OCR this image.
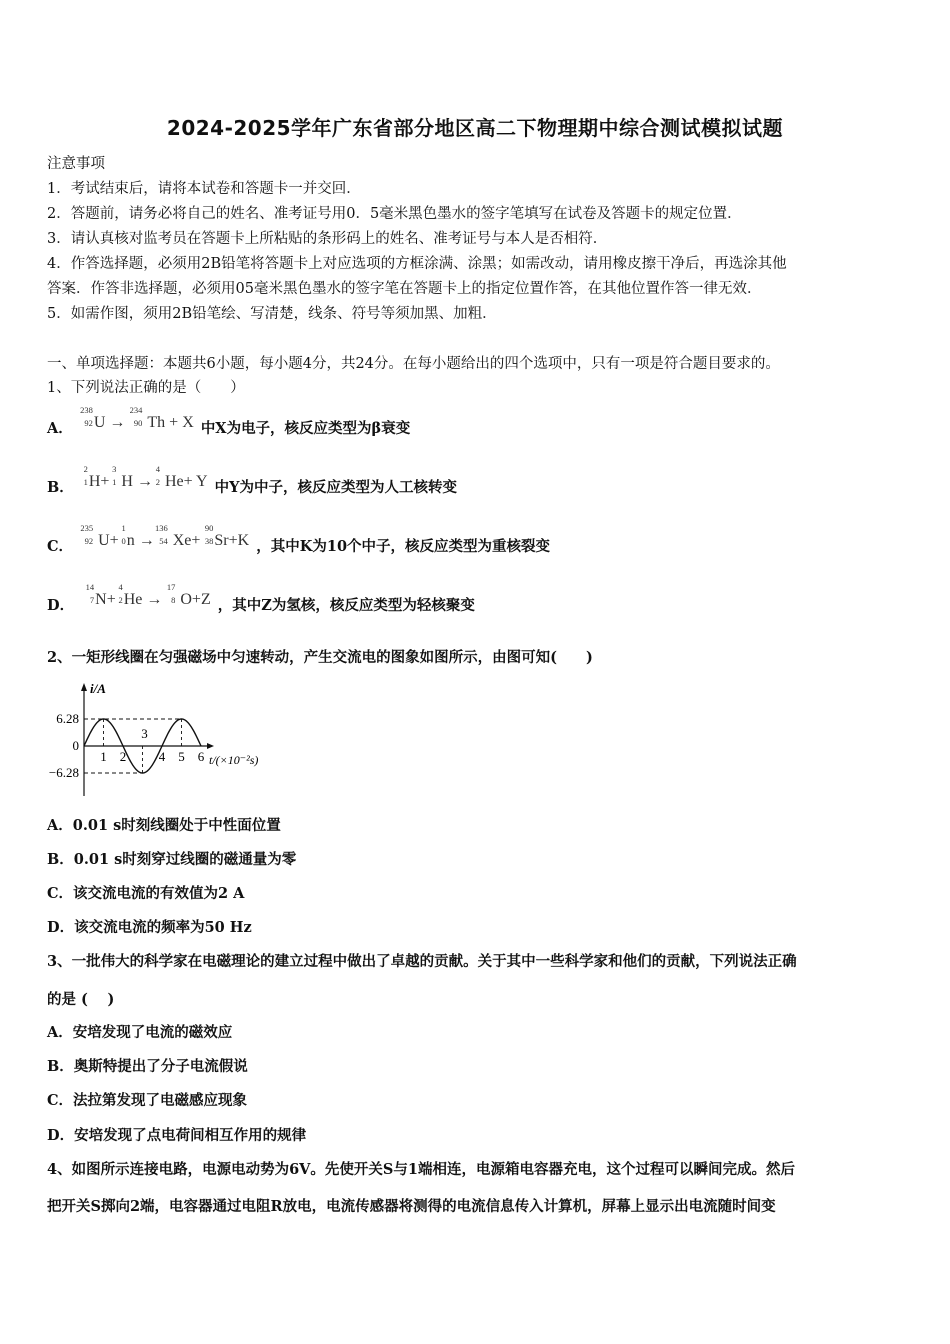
2024-2025学年广东省部分地区高二下物理期中综合测试模拟试题
注意事项
1．考试结束后，请将本试卷和答题卡一并交回．
2．答题前，请务必将自己的姓名、准考证号用0．5毫米黑色墨水的签字笔填写在试卷及答题卡的规定位置．
3．请认真核对监考员在答题卡上所粘贴的条形码上的姓名、准考证号与本人是否相符．
4．作答选择题，必须用2B铅笔将答题卡上对应选项的方框涂满、涂黑；如需改动，请用橡皮擦干净后，再选涂其他
答案．作答非选择题，必须用05毫米黑色墨水的签字笔在答题卡上的指定位置作答，在其他位置作答一律无效．
5．如需作图，须用2B铅笔绘、写清楚，线条、符号等须加黑、加粗．
一、单项选择题：本题共6小题，每小题4分，共24分。在每小题给出的四个选项中，只有一项是符合题目要求的。
1、下列说法正确的是（　　）
A．
238
92 U →
234
90 Th + X 中X为电子，核反应类型为β衰变
B．
2
1 H+
3
1 H →
4
2 He+ Y 中Y为中子，核反应类型为人工核转变
C．
235
92 U+
1
0 n →
136
54 Xe+
90
38 Sr+K ，其中K为10个中子，核反应类型为重核裂变
D．
14
7 N+
4
2 He →
17
8 O+Z ，其中Z为氢核，核反应类型为轻核聚变
2、一矩形线圈在匀强磁场中匀速转动，产生交流电的图象如图所示，由图可知(　　)
i/A
t/(×10⁻²s)
6.28
0
−6.28
1 2
3
4 5 6
A．0.01 s时刻线圈处于中性面位置
B．0.01 s时刻穿过线圈的磁通量为零
C．该交流电流的有效值为2 A
D．该交流电流的频率为50 Hz
3、一批伟大的科学家在电磁理论的建立过程中做出了卓越的贡献。关于其中一些科学家和他们的贡献，下列说法正确
的是 (　 )
A．安培发现了电流的磁效应
B．奥斯特提出了分子电流假说
C．法拉第发现了电磁感应现象
D．安培发现了点电荷间相互作用的规律
4、如图所示连接电路，电源电动势为6V。先使开关S与1端相连，电源箱电容器充电，这个过程可以瞬间完成。然后
把开关S掷向2端，电容器通过电阻R放电，电流传感器将测得的电流信息传入计算机，屏幕上显示出电流随时间变
